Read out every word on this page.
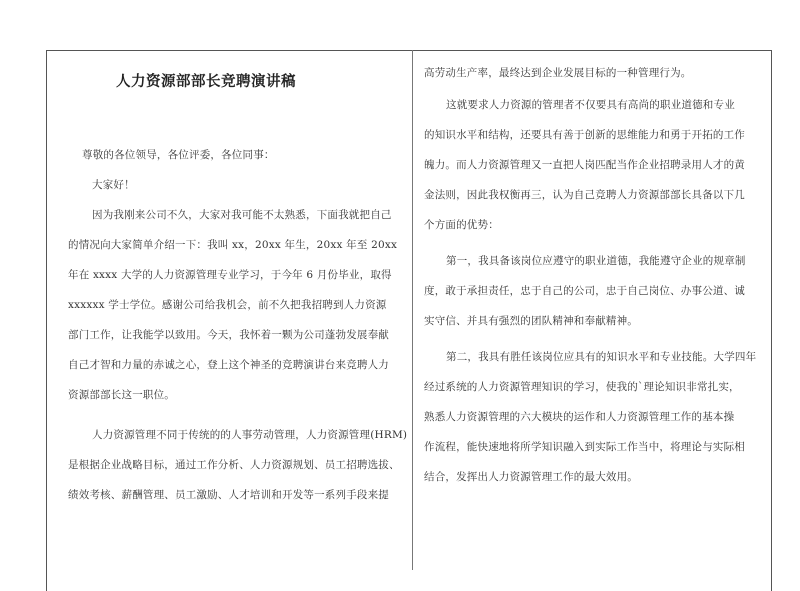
人力资源部部长竞聘演讲稿

尊敬的各位领导，各位评委，各位同事：

大家好！

因为我刚来公司不久，大家对我可能不太熟悉，下面我就把自己

的情况向大家简单介绍一下：我叫 xx，20xx 年生，20xx 年至 20xx

年在 xxxx 大学的人力资源管理专业学习，于今年 6 月份毕业，取得

xxxxxx 学士学位。感谢公司给我机会，前不久把我招聘到人力资源

部门工作，让我能学以致用。今天，我怀着一颗为公司蓬勃发展奉献

自己才智和力量的赤诚之心，登上这个神圣的竞聘演讲台来竞聘人力

资源部部长这一职位。

人力资源管理不同于传统的的人事劳动管理，人力资源管理(HRM)

是根据企业战略目标，通过工作分析、人力资源规划、员工招聘选拔、

绩效考核、薪酬管理、员工激励、人才培训和开发等一系列手段来提

高劳动生产率，最终达到企业发展目标的一种管理行为。

这就要求人力资源的管理者不仅要具有高尚的职业道德和专业

的知识水平和结构，还要具有善于创新的思维能力和勇于开拓的工作

魄力。而人力资源管理又一直把人岗匹配当作企业招聘录用人才的黄

金法则，因此我权衡再三，认为自己竞聘人力资源部部长具备以下几

个方面的优势：

第一，我具备该岗位应遵守的职业道德，我能遵守企业的规章制

度，敢于承担责任，忠于自己的公司，忠于自己岗位、办事公道、诚

实守信、并具有强烈的团队精神和奉献精神。

第二，我具有胜任该岗位应具有的知识水平和专业技能。大学四年

经过系统的人力资源管理知识的学习，使我的`理论知识非常扎实，

熟悉人力资源管理的六大模块的运作和人力资源管理工作的基本操

作流程，能快速地将所学知识融入到实际工作当中，将理论与实际相

结合，发挥出人力资源管理工作的最大效用。
